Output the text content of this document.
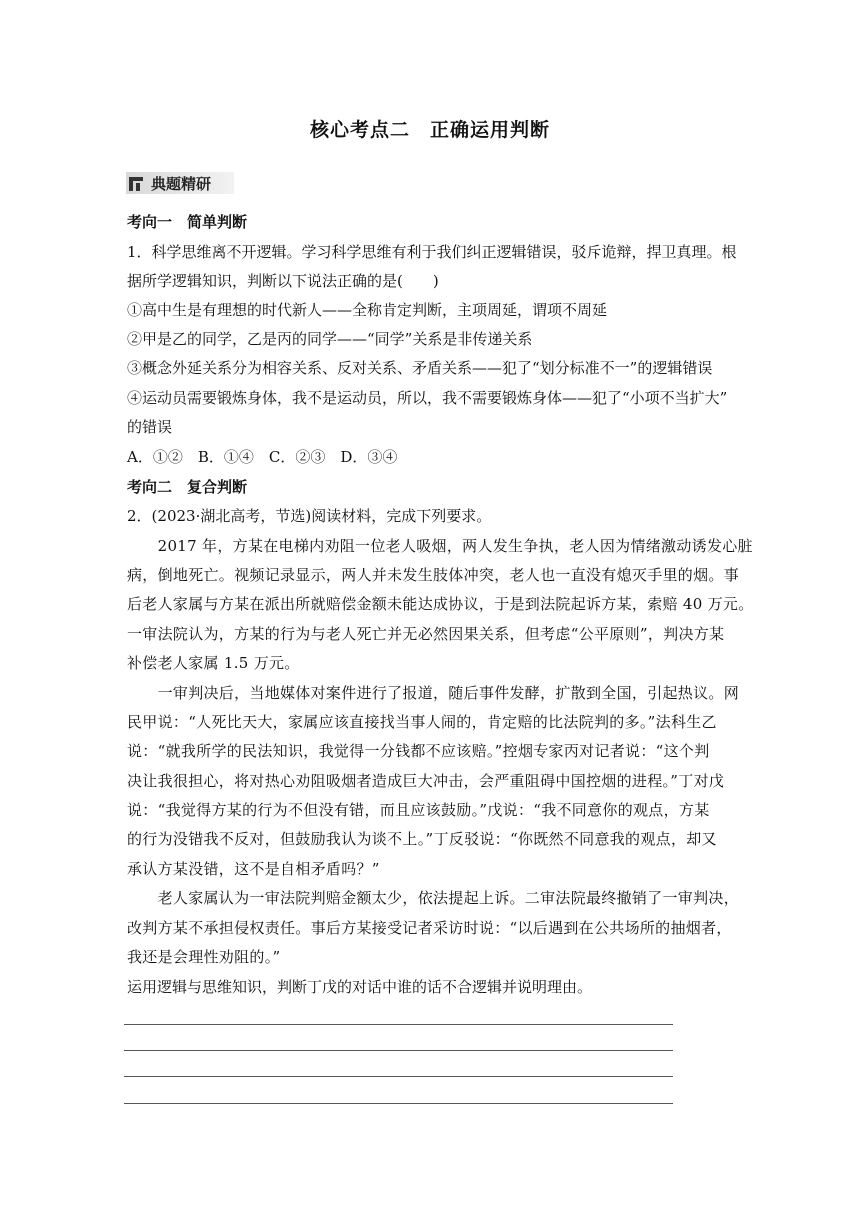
核心考点二　正确运用判断
典题精研
考向一　简单判断
1．科学思维离不开逻辑。学习科学思维有利于我们纠正逻辑错误，驳斥诡辩，捍卫真理。根
据所学逻辑知识，判断以下说法正确的是(　　)
①高中生是有理想的时代新人——全称肯定判断，主项周延，谓项不周延
②甲是乙的同学，乙是丙的同学——“同学”关系是非传递关系
③概念外延关系分为相容关系、反对关系、矛盾关系——犯了“划分标准不一”的逻辑错误
④运动员需要锻炼身体，我不是运动员，所以，我不需要锻炼身体——犯了“小项不当扩大”
的错误
A．①②　B．①④　C．②③　D．③④
考向二　复合判断
2．(2023·湖北高考，节选)阅读材料，完成下列要求。
　　2017 年，方某在电梯内劝阻一位老人吸烟，两人发生争执，老人因为情绪激动诱发心脏
病，倒地死亡。视频记录显示，两人并未发生肢体冲突，老人也一直没有熄灭手里的烟。事
后老人家属与方某在派出所就赔偿金额未能达成协议，于是到法院起诉方某，索赔 40 万元。
一审法院认为，方某的行为与老人死亡并无必然因果关系，但考虑“公平原则”，判决方某
补偿老人家属 1.5 万元。
　　一审判决后，当地媒体对案件进行了报道，随后事件发酵，扩散到全国，引起热议。网
民甲说：“人死比天大，家属应该直接找当事人闹的，肯定赔的比法院判的多。”法科生乙
说：“就我所学的民法知识，我觉得一分钱都不应该赔。”控烟专家丙对记者说：“这个判
决让我很担心，将对热心劝阻吸烟者造成巨大冲击，会严重阻碍中国控烟的进程。”丁对戊
说：“我觉得方某的行为不但没有错，而且应该鼓励。”戊说：“我不同意你的观点，方某
的行为没错我不反对，但鼓励我认为谈不上。”丁反驳说：“你既然不同意我的观点，却又
承认方某没错，这不是自相矛盾吗？”
　　老人家属认为一审法院判赔金额太少，依法提起上诉。二审法院最终撤销了一审判决，
改判方某不承担侵权责任。事后方某接受记者采访时说：“以后遇到在公共场所的抽烟者，
我还是会理性劝阻的。”
运用逻辑与思维知识，判断丁戊的对话中谁的话不合逻辑并说明理由。
